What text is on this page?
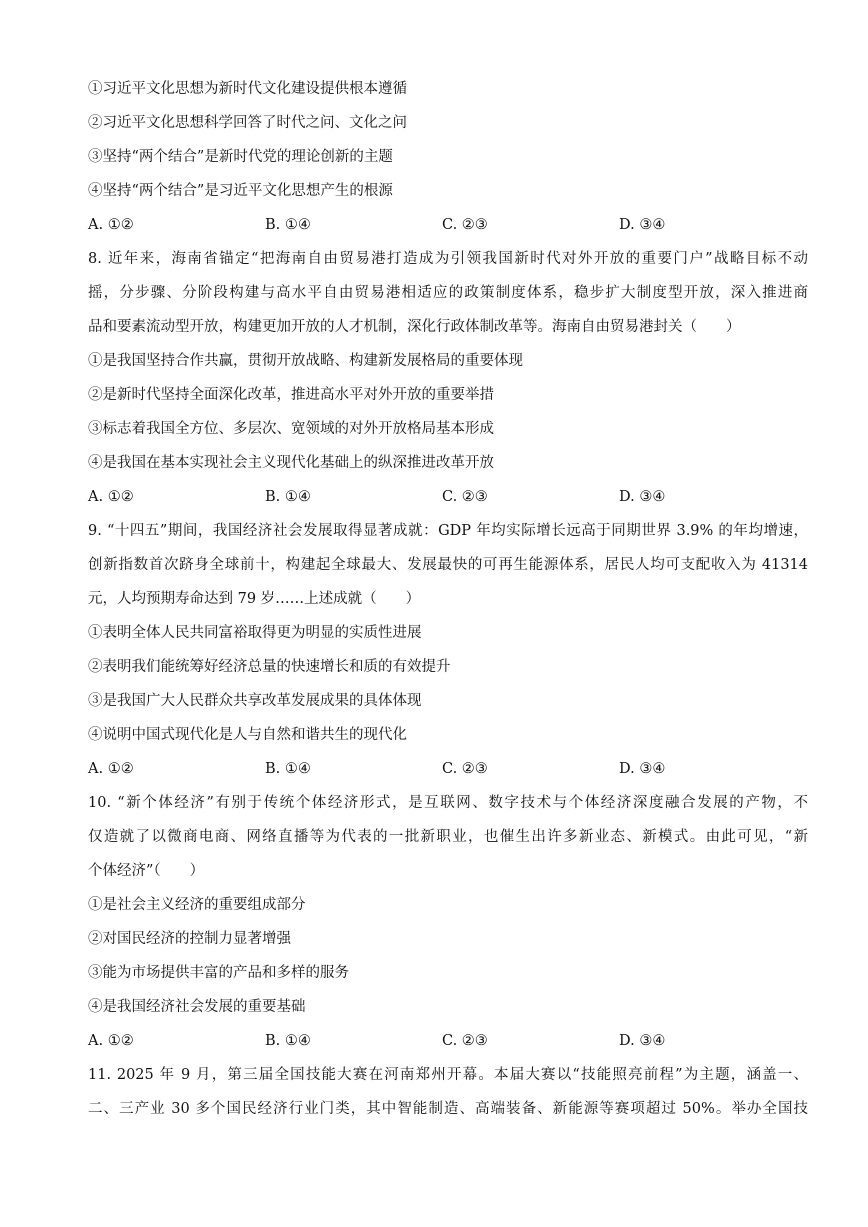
①习近平文化思想为新时代文化建设提供根本遵循
②习近平文化思想科学回答了时代之问、文化之问
③坚持“两个结合”是新时代党的理论创新的主题
④坚持“两个结合”是习近平文化思想产生的根源
A. ①②	B. ①④	C. ②③	D. ③④
8. 近年来，海南省锚定“把海南自由贸易港打造成为引领我国新时代对外开放的重要门户”战略目标不动
摇，分步骤、分阶段构建与高水平自由贸易港相适应的政策制度体系，稳步扩大制度型开放，深入推进商
品和要素流动型开放，构建更加开放的人才机制，深化行政体制改革等。海南自由贸易港封关（　　）
①是我国坚持合作共赢，贯彻开放战略、构建新发展格局的重要体现
②是新时代坚持全面深化改革，推进高水平对外开放的重要举措
③标志着我国全方位、多层次、宽领域的对外开放格局基本形成
④是我国在基本实现社会主义现代化基础上的纵深推进改革开放
A. ①②	B. ①④	C. ②③	D. ③④
9. “十四五”期间，我国经济社会发展取得显著成就：GDP 年均实际增长远高于同期世界 3.9% 的年均增速，
创新指数首次跻身全球前十，构建起全球最大、发展最快的可再生能源体系，居民人均可支配收入为 41314
元，人均预期寿命达到 79 岁……上述成就（　　）
①表明全体人民共同富裕取得更为明显的实质性进展
②表明我们能统筹好经济总量的快速增长和质的有效提升
③是我国广大人民群众共享改革发展成果的具体体现
④说明中国式现代化是人与自然和谐共生的现代化
A. ①②	B. ①④	C. ②③	D. ③④
10. “新个体经济”有别于传统个体经济形式，是互联网、数字技术与个体经济深度融合发展的产物，不
仅造就了以微商电商、网络直播等为代表的一批新职业，也催生出许多新业态、新模式。由此可见，“新
个体经济”（　　）
①是社会主义经济的重要组成部分
②对国民经济的控制力显著增强
③能为市场提供丰富的产品和多样的服务
④是我国经济社会发展的重要基础
A. ①②	B. ①④	C. ②③	D. ③④
11. 2025 年 9 月，第三届全国技能大赛在河南郑州开幕。本届大赛以“技能照亮前程”为主题，涵盖一、
二、三产业 30 多个国民经济行业门类，其中智能制造、高端装备、新能源等赛项超过 50%。举办全国技
